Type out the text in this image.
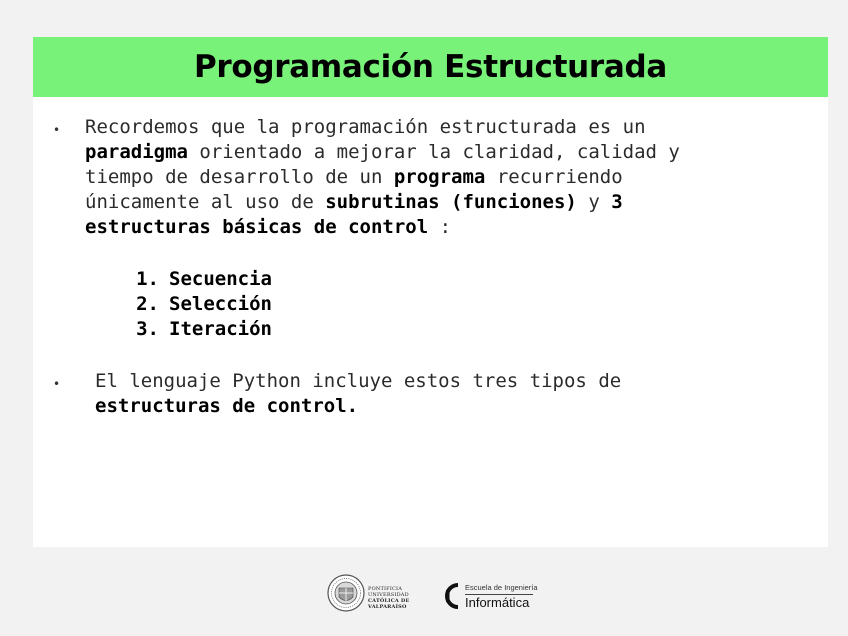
Programación Estructurada
• Recordemos que la programación estructurada es un
paradigma orientado a mejorar la claridad, calidad y
tiempo de desarrollo de un programa recurriendo
únicamente al uso de subrutinas (funciones) y 3
estructuras básicas de control :
1. Secuencia
2. Selección
3. Iteración
• El lenguaje Python incluye estos tres tipos de
estructuras de control.
PONTIFICIA
UNIVERSIDAD
CATÓLICA DE
VALPARAÍSO
Escuela de Ingeniería
Informática
